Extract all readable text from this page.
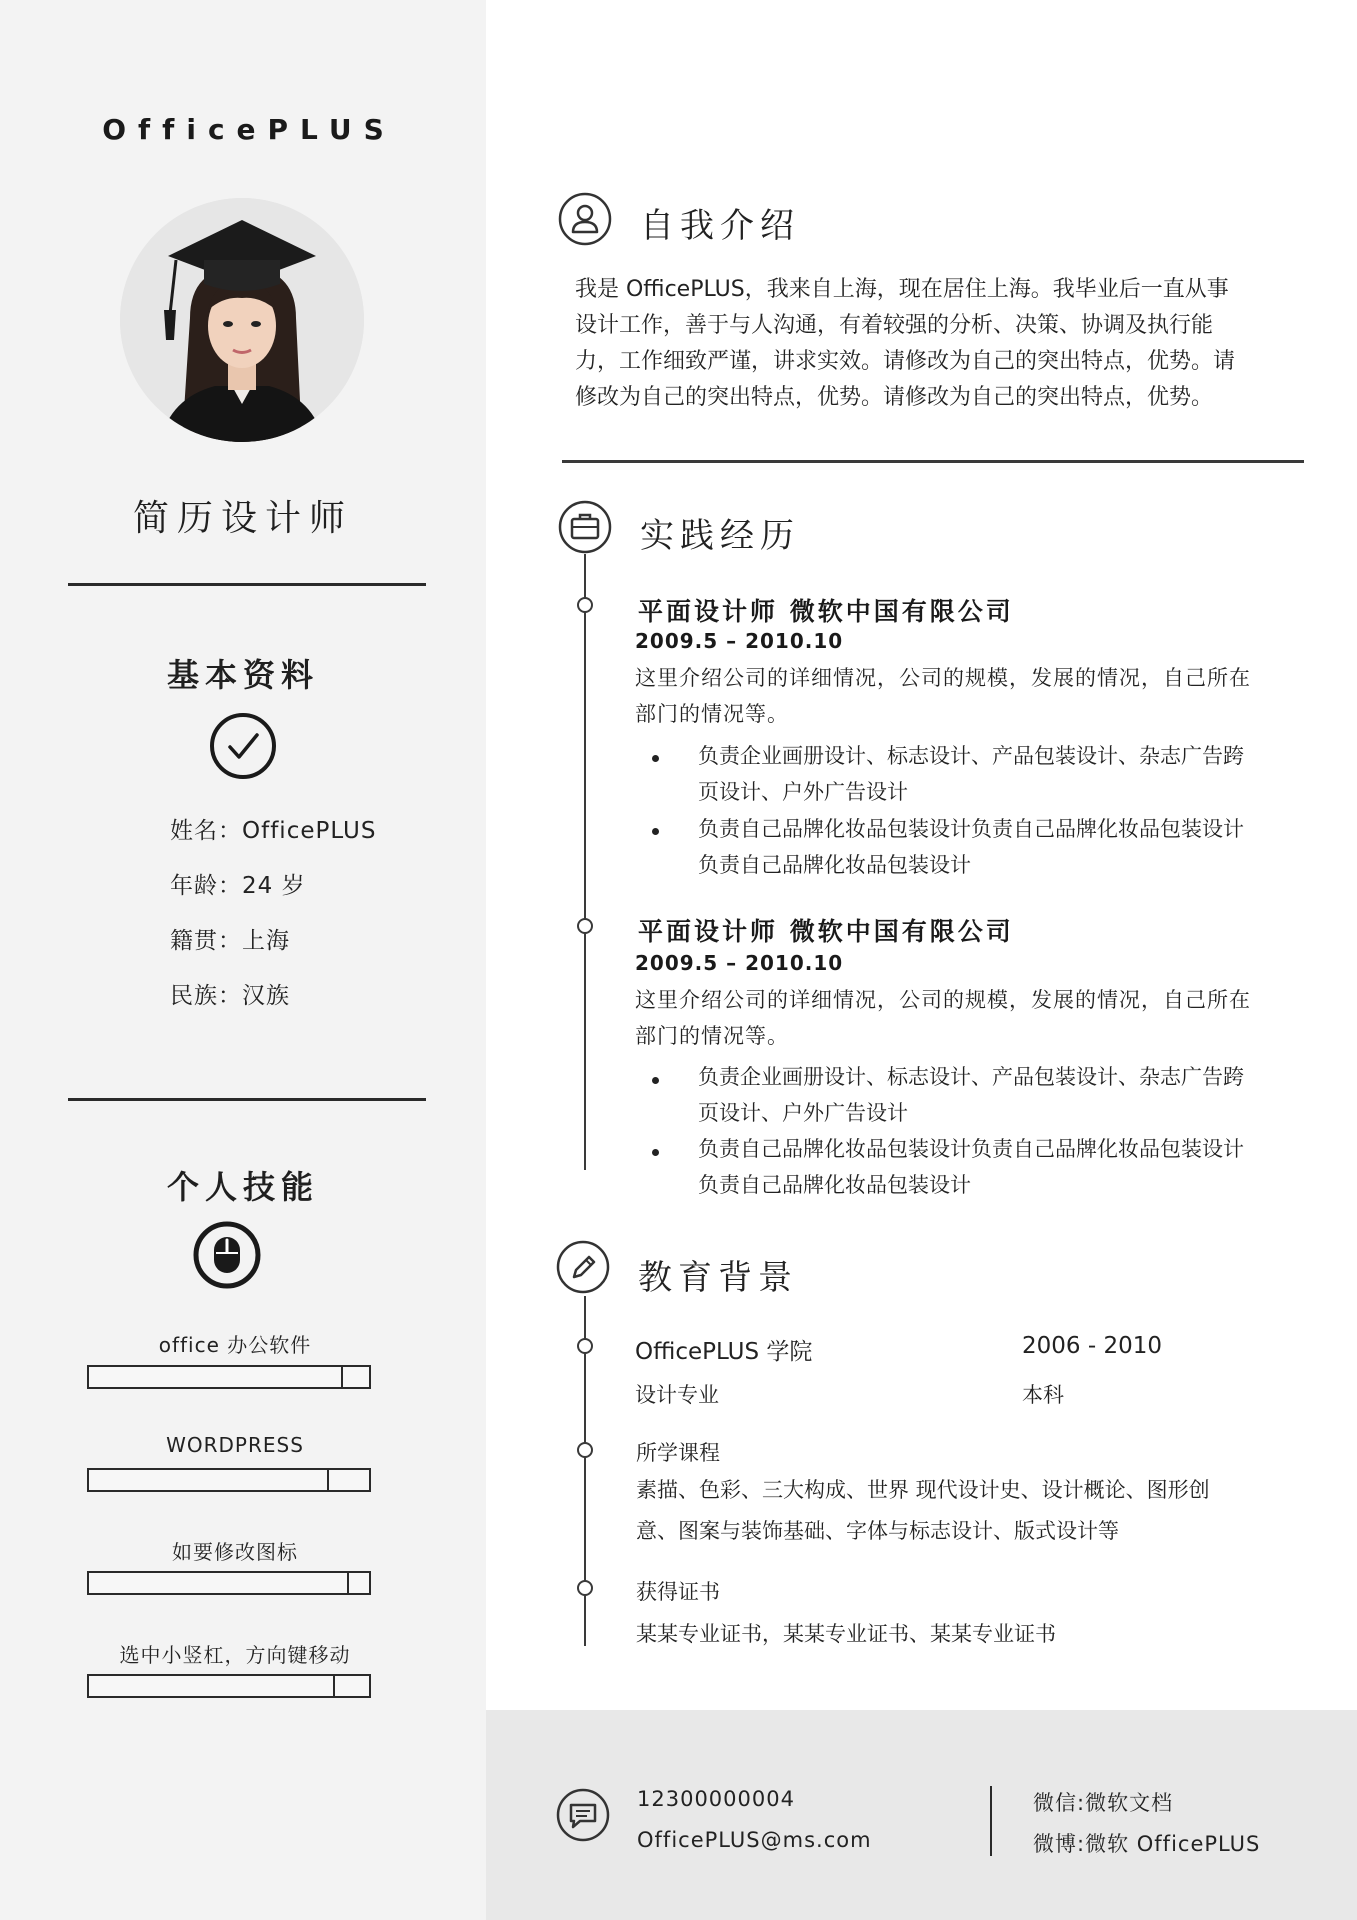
OfficePLUS
简历设计师
基本资料
姓名：OfficePLUS
年龄：24 岁
籍贯：上海
民族：汉族
个人技能
office 办公软件
WORDPRESS
如要修改图标
选中小竖杠，方向键移动
自我介绍
我是 OfficePLUS，我来自上海，现在居住上海。我毕业后一直从事
设计工作，善于与人沟通，有着较强的分析、决策、协调及执行能
力，工作细致严谨，讲求实效。请修改为自己的突出特点，优势。请
修改为自己的突出特点，优势。请修改为自己的突出特点，优势。
实践经历
平面设计师 微软中国有限公司
2009.5 – 2010.10
这里介绍公司的详细情况，公司的规模，发展的情况，自己所在
部门的情况等。
负责企业画册设计、标志设计、产品包装设计、杂志广告跨
页设计、户外广告设计
负责自己品牌化妆品包装设计负责自己品牌化妆品包装设计
负责自己品牌化妆品包装设计
平面设计师 微软中国有限公司
2009.5 – 2010.10
这里介绍公司的详细情况，公司的规模，发展的情况，自己所在
部门的情况等。
负责企业画册设计、标志设计、产品包装设计、杂志广告跨
页设计、户外广告设计
负责自己品牌化妆品包装设计负责自己品牌化妆品包装设计
负责自己品牌化妆品包装设计
教育背景
OfficePLUS 学院	2006 - 2010
设计专业	本科
所学课程
素描、色彩、三大构成、世界 现代设计史、设计概论、图形创
意、图案与装饰基础、字体与标志设计、版式设计等
获得证书
某某专业证书，某某专业证书、某某专业证书
12300000004
OfficePLUS@ms.com
微信:微软文档
微博:微软 OfficePLUS
